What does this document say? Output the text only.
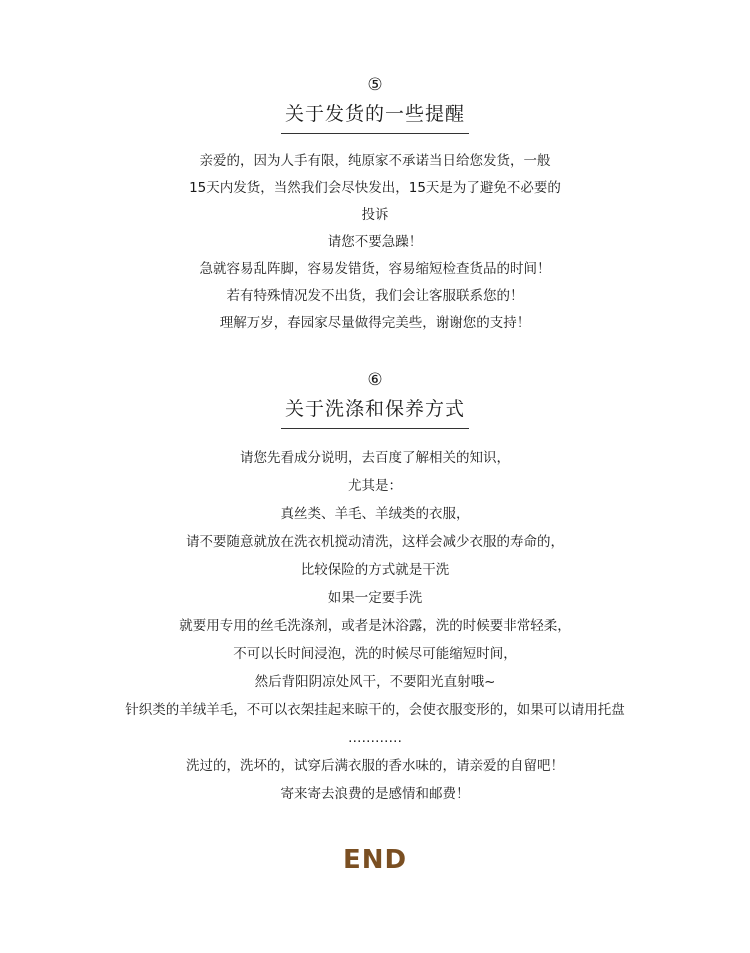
⑤
关于发货的一些提醒
亲爱的，因为人手有限，纯原家不承诺当日给您发货，一般
15天内发货，当然我们会尽快发出，15天是为了避免不必要的
投诉
请您不要急躁！
急就容易乱阵脚，容易发错货，容易缩短检查货品的时间！
若有特殊情况发不出货，我们会让客服联系您的！
理解万岁，春园家尽量做得完美些，谢谢您的支持！
⑥
关于洗涤和保养方式
请您先看成分说明，去百度了解相关的知识，
尤其是：
真丝类、羊毛、羊绒类的衣服，
请不要随意就放在洗衣机搅动清洗，这样会减少衣服的寿命的，
比较保险的方式就是干洗
如果一定要手洗
就要用专用的丝毛洗涤剂，或者是沐浴露，洗的时候要非常轻柔，
不可以长时间浸泡，洗的时候尽可能缩短时间，
然后背阳阴凉处风干，不要阳光直射哦~
针织类的羊绒羊毛，不可以衣架挂起来晾干的，会使衣服变形的，如果可以请用托盘
…………
洗过的，洗坏的，试穿后满衣服的香水味的，请亲爱的自留吧！
寄来寄去浪费的是感情和邮费！
END
